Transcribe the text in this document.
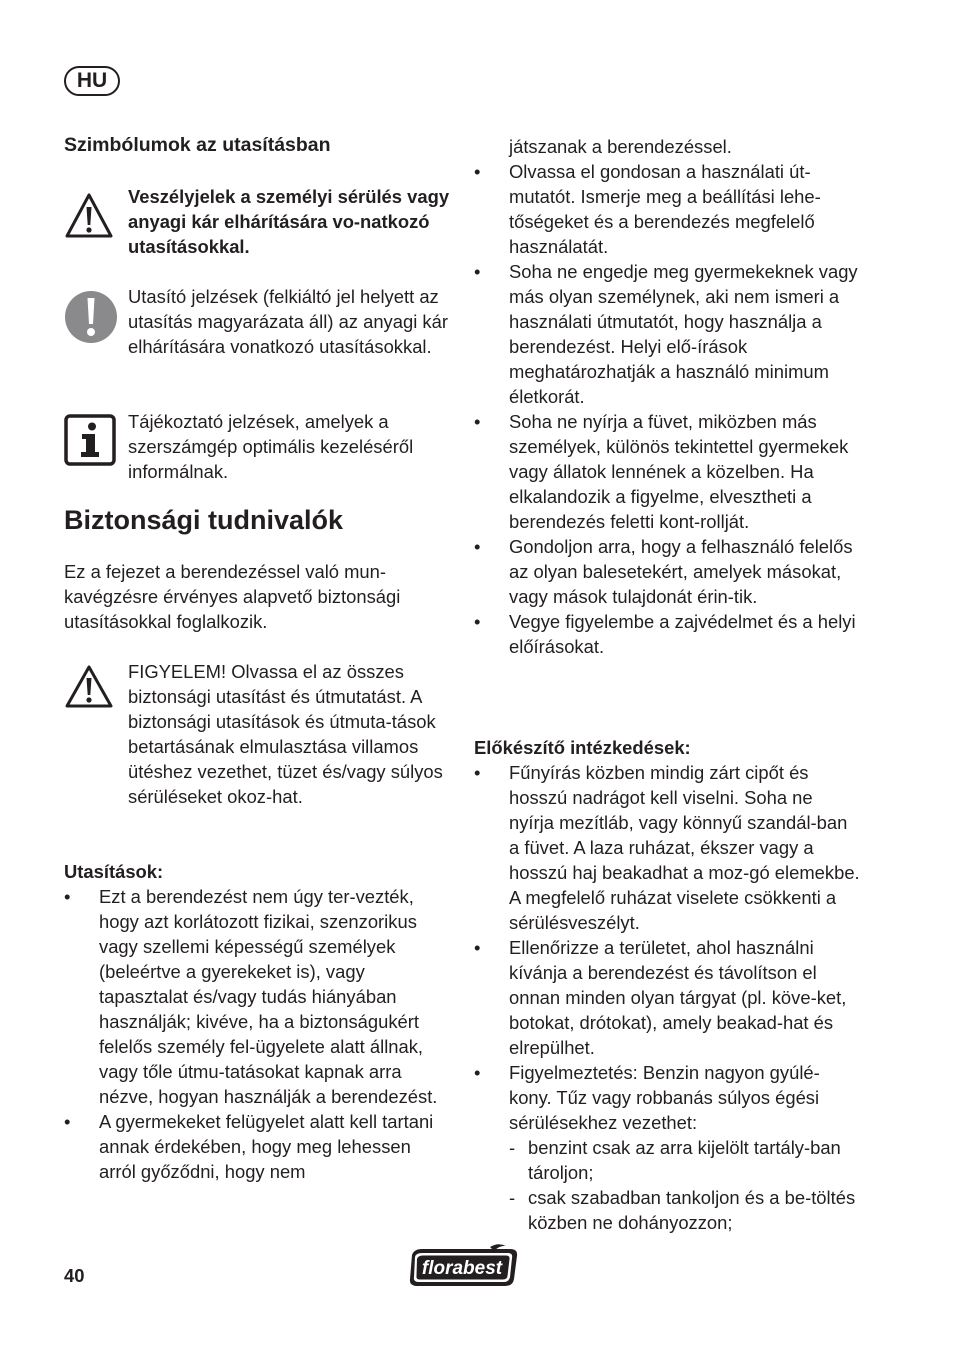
HU
Szimbólumok az utasításban

Veszélyjelek a személyi sérülés vagy anyagi kár elhárítására vo-natkozó utasításokkal.

Utasító jelzések (felkiáltó jel helyett az utasítás magyarázata áll) az anyagi kár elhárítására vonatkozó utasításokkal.

Tájékoztató jelzések, amelyek a szerszámgép optimális kezeléséről informálnak.

Biztonsági tudnivalók

Ez a fejezet a berendezéssel való mun-kavégzésre érvényes alapvető biztonsági utasításokkal foglalkozik.

FIGYELEM! Olvassa el az összes biztonsági utasítást és útmutatást. A biztonsági utasítások és útmuta-tások betartásának elmulasztása villamos ütéshez vezethet, tüzet és/vagy súlyos sérüléseket okoz-hat.

Utasítások:

• Ezt a berendezést nem úgy ter-vezték, hogy azt korlátozott fizikai, szenzorikus vagy szellemi képességű személyek (beleértve a gyerekeket is), vagy tapasztalat és/vagy tudás hiányában használják; kivéve, ha a biztonságukért felelős személy fel-ügyelete alatt állnak, vagy tőle útmu-tatásokat kapnak arra nézve, hogyan használják a berendezést.
• A gyermekeket felügyelet alatt kell tartani annak érdekében, hogy meg lehessen arról győződni, hogy nem

játszanak a berendezéssel.

• Olvassa el gondosan a használati út-mutatót. Ismerje meg a beállítási lehe-tőségeket és a berendezés megfelelő használatát.
• Soha ne engedje meg gyermekeknek vagy más olyan személynek, aki nem ismeri a használati útmutatót, hogy használja a berendezést. Helyi elő-írások meghatározhatják a használó minimum életkorát.
• Soha ne nyírja a füvet, miközben más személyek, különös tekintettel gyermekek vagy állatok lennének a közelben. Ha elkalandozik a figyelme, elvesztheti a berendezés feletti kont-rollját.
• Gondoljon arra, hogy a felhasználó felelős az olyan balesetekért, amelyek másokat, vagy mások tulajdonát érin-tik.
• Vegye figyelembe a zajvédelmet és a helyi előírásokat.

Előkészítő intézkedések:

• Fűnyírás közben mindig zárt cipőt és hosszú nadrágot kell viselni. Soha ne nyírja mezítláb, vagy könnyű szandál-ban a füvet. A laza ruházat, ékszer vagy a hosszú haj beakadhat a moz-gó elemekbe. A megfelelő ruházat viselete csökkenti a sérülésveszélyt.
• Ellenőrizze a területet, ahol használni kívánja a berendezést és távolítson el onnan minden olyan tárgyat (pl. köve-ket, botokat, drótokat), amely beakad-hat és elrepülhet.
• Figyelmeztetés: Benzin nagyon gyúlé-kony. Tűz vagy robbanás súlyos égési sérülésekhez vezethet:
- benzint csak az arra kijelölt tartály-ban tároljon;
- csak szabadban tankoljon és a be-töltés közben ne dohányozzon;
40	florabest
